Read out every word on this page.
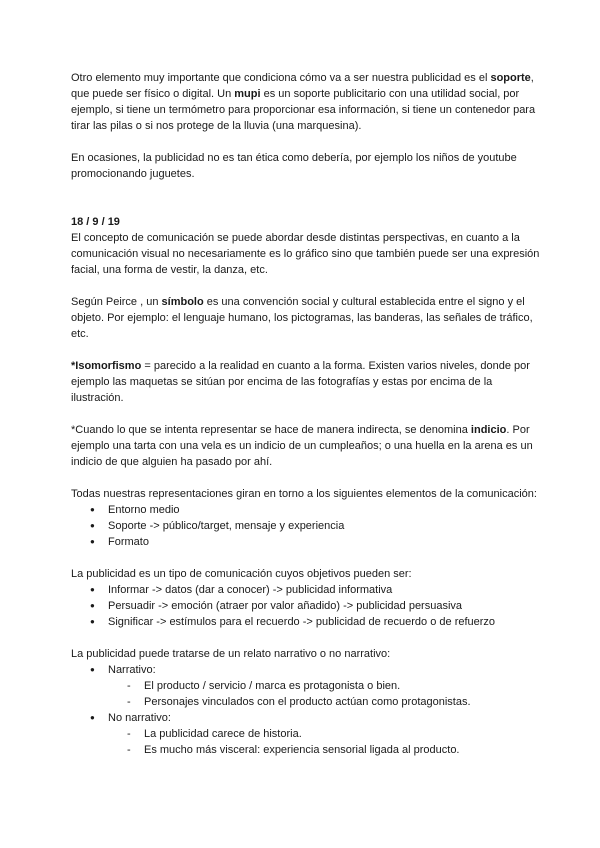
Otro elemento muy importante que condiciona cómo va a ser nuestra publicidad es el soporte, que puede ser físico o digital. Un mupi es un soporte publicitario con una utilidad social, por ejemplo, si tiene un termómetro para proporcionar esa información, si tiene un contenedor para tirar las pilas o si nos protege de la lluvia (una marquesina).

En ocasiones, la publicidad no es tan ética como debería, por ejemplo los niños de youtube promocionando juguetes.

18 / 9 / 19

El concepto de comunicación se puede abordar desde distintas perspectivas, en cuanto a la comunicación visual no necesariamente es lo gráfico sino que también puede ser una expresión facial, una forma de vestir, la danza, etc.

Según Peirce , un símbolo es una convención social y cultural establecida entre el signo y el objeto. Por ejemplo: el lenguaje humano, los pictogramas, las banderas, las señales de tráfico, etc.

*Isomorfismo = parecido a la realidad en cuanto a la forma. Existen varios niveles, donde por ejemplo las maquetas se sitúan por encima de las fotografías y estas por encima de la ilustración.

*Cuando lo que se intenta representar se hace de manera indirecta, se denomina indicio. Por ejemplo una tarta con una vela es un indicio de un cumpleaños; o una huella en la arena es un indicio de que alguien ha pasado por ahí.

Todas nuestras representaciones giran en torno a los siguientes elementos de la comunicación:

● Entorno medio
● Soporte -> público/target, mensaje y experiencia
● Formato

La publicidad es un tipo de comunicación cuyos objetivos pueden ser:

● Informar -> datos (dar a conocer) -> publicidad informativa
● Persuadir -> emoción (atraer por valor añadido) -> publicidad persuasiva
● Significar -> estímulos para el recuerdo -> publicidad de recuerdo o de refuerzo

La publicidad puede tratarse de un relato narrativo o no narrativo:

● Narrativo:
- El producto / servicio / marca es protagonista o bien.
- Personajes vinculados con el producto actúan como protagonistas.
● No narrativo:
- La publicidad carece de historia.
- Es mucho más visceral: experiencia sensorial ligada al producto.
